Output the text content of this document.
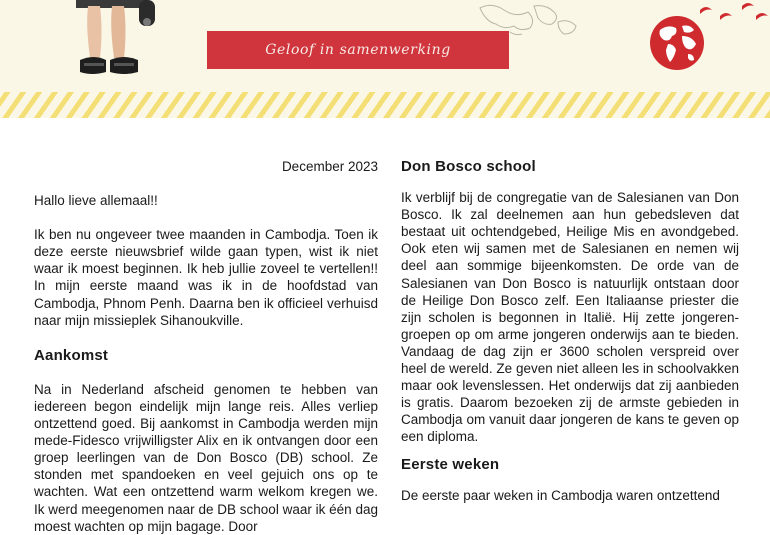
Geloof in samenwerking
December 2023
Hallo lieve allemaal!!

Ik ben nu ongeveer twee maanden in Cambodja. Toen ik deze eerste nieuwsbrief wilde gaan typen, wist ik niet waar ik moest beginnen. Ik heb jullie zoveel te vertellen!! In mijn eerste maand was ik in de hoofdstad van Cambodja, Phnom Penh. Daarna ben ik officieel verhuisd naar mijn missieplek Sihanoukville.

Aankomst

Na in Nederland afscheid genomen te hebben van iedereen begon eindelijk mijn lange reis. Alles verliep ontzettend goed. Bij aankomst in Cambodja werden mijn mede-Fidesco vrijwilligster Alix en ik ontvangen door een groep leerlingen van de Don Bosco (DB) school. Ze stonden met spandoeken en veel gejuich ons op te wachten. Wat een ontzettend warm welkom kregen we. Ik werd meegenomen naar de DB school waar ik één dag moest wachten op mijn bagage. Door

Don Bosco school

Ik verblijf bij de congregatie van de Salesianen van Don Bosco. Ik zal deelnemen aan hun gebedsleven dat bestaat uit ochtendgebed, Heilige Mis en avondgebed. Ook eten wij samen met de Salesianen en nemen wij deel aan sommige bijeenkomsten. De orde van de Salesianen van Don Bosco is natuurlijk ontstaan door de Heilige Don Bosco zelf. Een Italiaanse priester die zijn scholen is begonnen in Italië. Hij zette jongeren-groepen op om arme jongeren onderwijs aan te bieden. Vandaag de dag zijn er 3600 scholen verspreid over heel de wereld. Ze geven niet alleen les in schoolvakken maar ook levenslessen. Het onderwijs dat zij aanbieden is gratis. Daarom bezoeken zij de armste gebieden in Cambodja om vanuit daar jongeren de kans te geven op een diploma.

Eerste weken

De eerste paar weken in Cambodja waren ontzettend
